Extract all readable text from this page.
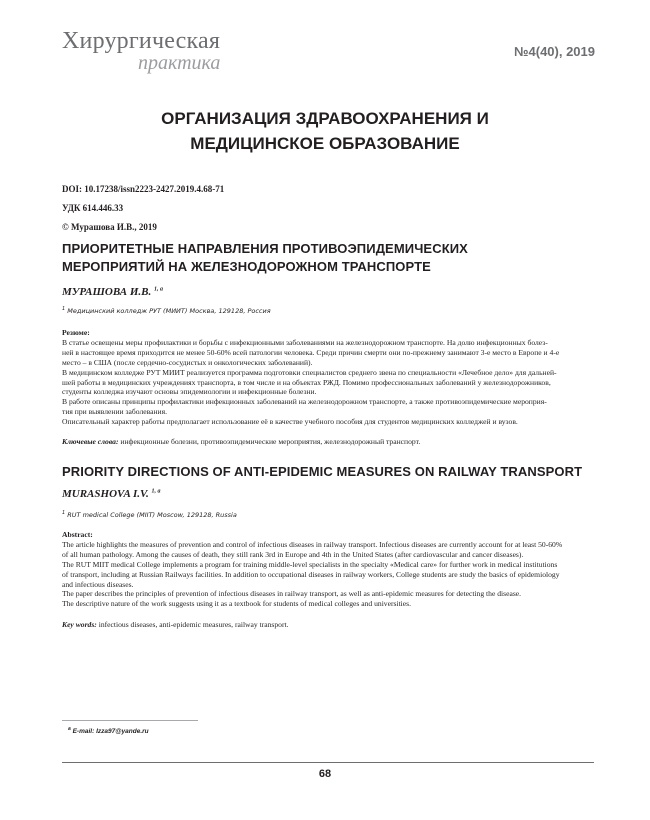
Хирургическая
практика
№4(40), 2019
ОРГАНИЗАЦИЯ ЗДРАВООХРАНЕНИЯ И
МЕДИЦИНСКОЕ ОБРАЗОВАНИЕ
DOI: 10.17238/issn2223-2427.2019.4.68-71
УДК 614.446.33
© Мурашова И.В., 2019
ПРИОРИТЕТНЫЕ НАПРАВЛЕНИЯ ПРОТИВОЭПИДЕМИЧЕСКИХ
МЕРОПРИЯТИЙ НА ЖЕЛЕЗНОДОРОЖНОМ ТРАНСПОРТЕ
МУРАШОВА И.В. $^{1, a}$
$^1$ Медицинский колледж РУТ (МИИТ) Москва, 129128, Россия

Резюме:

В статье освещены меры профилактики и борьбы с инфекционными заболеваниями на железнодорожном транспорте. На долю инфекционных болез-

ней в настоящее время приходится не менее 50-60% всей патологии человека. Среди причин смерти они по-прежнему занимают 3-е место в Европе и 4-е

место – в США (после сердечно-сосудистых и онкологических заболеваний).

В медицинском колледже РУТ МИИТ реализуется программа подготовки специалистов среднего звена по специальности «Лечебное дело» для дальней-

шей работы в медицинских учреждениях транспорта, в том числе и на объектах РЖД. Помимо профессиональных заболеваний у железнодорожников,

студенты колледжа изучают основы эпидемиологии и инфекционные болезни.

В работе описаны принципы профилактики инфекционных заболеваний на железнодорожном транспорте, а также противоэпидемические мероприя-

тия при выявлении заболевания.

Описательный характер работы предполагает использование её в качестве учебного пособия для студентов медицинских колледжей и вузов.

Ключевые слова: инфекционные болезни, противоэпидемические мероприятия, железнодорожный транспорт.
PRIORITY DIRECTIONS OF ANTI-EPIDEMIC MEASURES ON RAILWAY TRANSPORT
MURASHOVA I.V. $^{1, a}$
$^1$ RUT medical College (MIIT) Moscow, 129128, Russia

Abstract:

The article highlights the measures of prevention and control of infectious diseases in railway transport. Infectious diseases are currently account for at least 50-60%

of all human pathology. Among the causes of death, they still rank 3rd in Europe and 4th in the United States (after cardiovascular and cancer diseases).

The RUT MIIT medical College implements a program for training middle-level specialists in the specialty «Medical care» for further work in medical institutions

of transport, including at Russian Railways facilities. In addition to occupational diseases in railway workers, College students are study the basics of epidemiology

and infectious diseases.

The paper describes the principles of prevention of infectious diseases in railway transport, as well as anti-epidemic measures for detecting the disease.

The descriptive nature of the work suggests using it as a textbook for students of medical colleges and universities.

Key words: infectious diseases, anti-epidemic measures, railway transport.
$^a$ E-mail: Izza97@yande.ru
68
